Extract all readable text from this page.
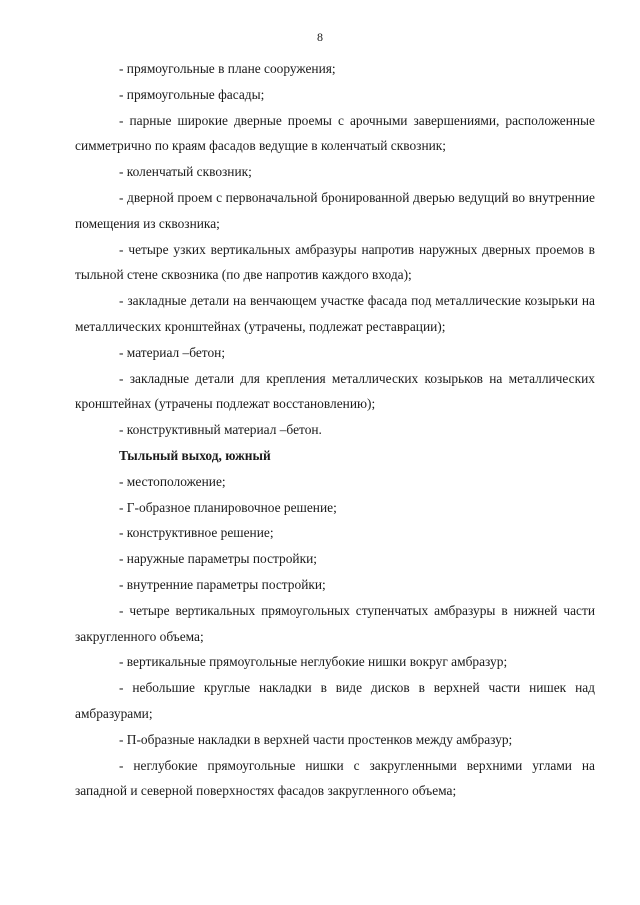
8

- прямоугольные в плане сооружения;

- прямоугольные фасады;

- парные широкие дверные проемы с арочными завершениями, расположенные симметрично по краям фасадов ведущие в коленчатый сквозник;

- коленчатый сквозник;

- дверной проем с первоначальной бронированной дверью ведущий во внутренние помещения из сквозника;

- четыре узких вертикальных амбразуры напротив наружных дверных проемов в тыльной стене сквозника (по две напротив каждого входа);

- закладные детали на венчающем участке фасада под металлические козырьки на металлических кронштейнах (утрачены, подлежат реставрации);

- материал –бетон;

- закладные детали для крепления металлических козырьков на металлических кронштейнах (утрачены подлежат восстановлению);

- конструктивный материал –бетон.

Тыльный выход, южный

- местоположение;

- Г-образное планировочное решение;

- конструктивное решение;

- наружные параметры постройки;

- внутренние параметры постройки;

- четыре вертикальных прямоугольных ступенчатых амбразуры в нижней части закругленного объема;

- вертикальные прямоугольные неглубокие нишки вокруг амбразур;

- небольшие круглые накладки в виде дисков в верхней части нишек над амбразурами;

- П-образные накладки в верхней части простенков между амбразур;

- неглубокие прямоугольные нишки с закругленными верхними углами на западной и северной поверхностях фасадов закругленного объема;
